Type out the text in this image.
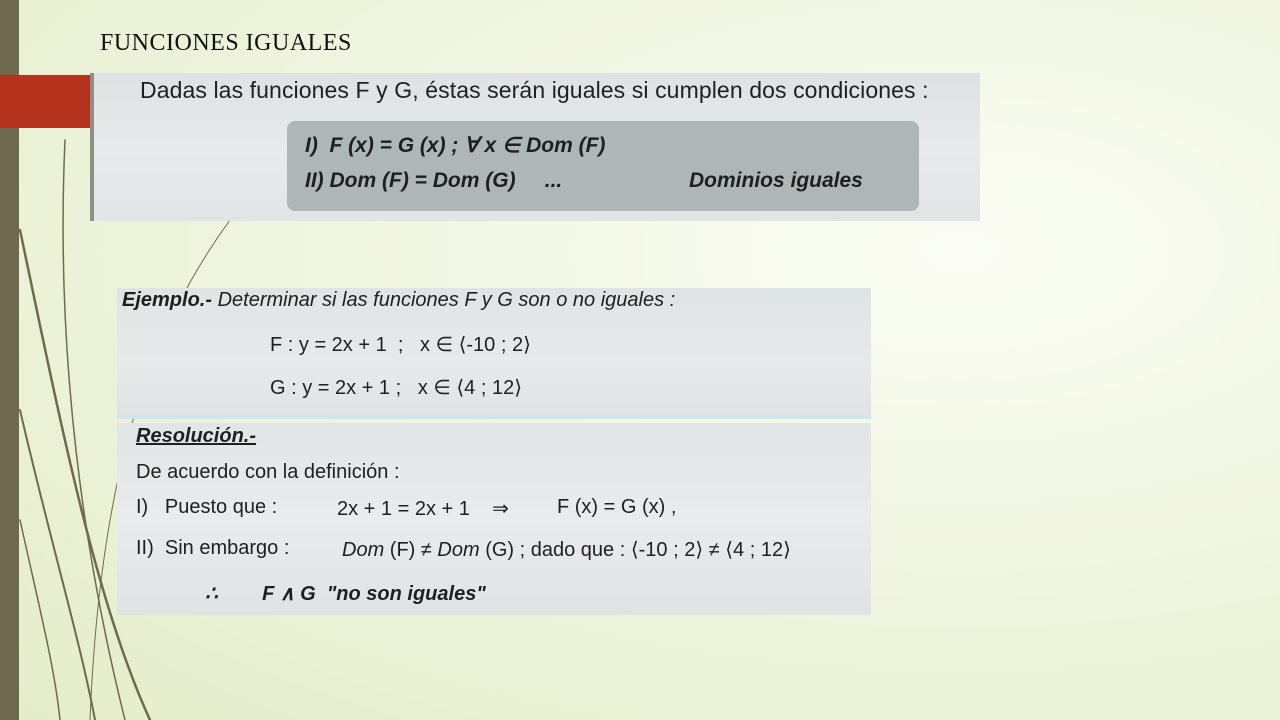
FUNCIONES IGUALES
Dadas las funciones F y G, éstas serán iguales si cumplen dos condiciones :
I)  F (x) = G (x) ; ∀ x ∈ Dom (F)
II) Dom (F) = Dom (G)     ...	Dominios iguales
Ejemplo.- Determinar si las funciones F y G son o no iguales :
F : y = 2x + 1  ;   x ∈ ⟨-10 ; 2⟩
G : y = 2x + 1 ;   x ∈ ⟨4 ; 12⟩
Resolución.-
De acuerdo con la definición :
I)   Puesto que :	2x + 1 = 2x + 1    ⇒ F (x) = G (x) ,
II)  Sin embargo :	Dom (F) ≠ Dom (G) ; dado que : ⟨-10 ; 2⟩ ≠ ⟨4 ; 12⟩
∴        F ∧ G  "no son iguales"
